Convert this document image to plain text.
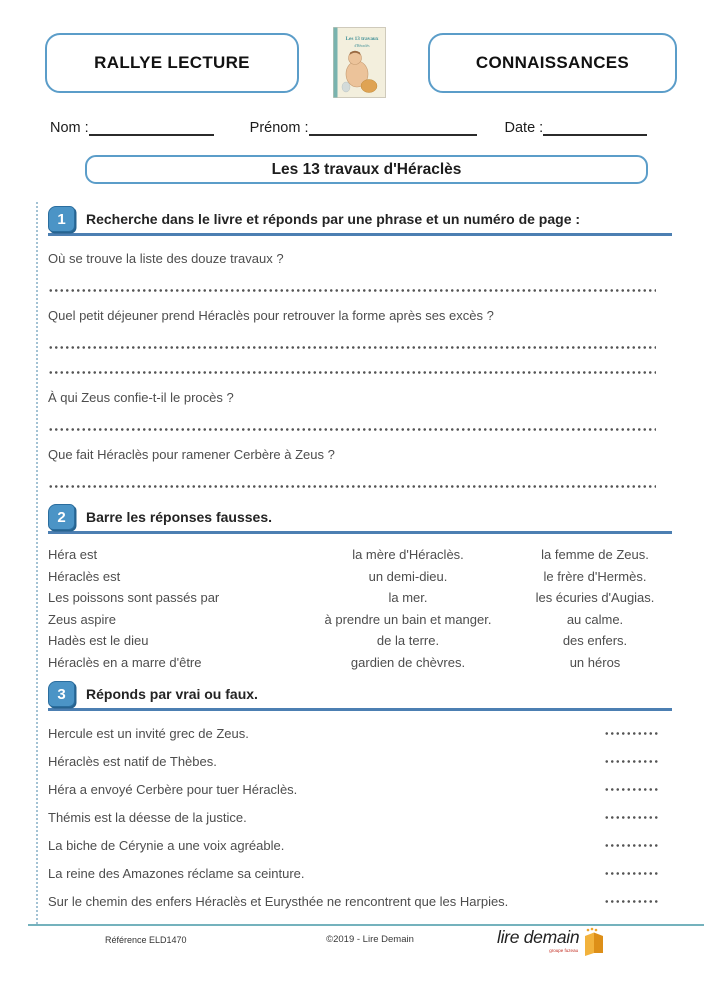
RALLYE LECTURE
Les 13 travaux
d'Héraclès
CONNAISSANCES
Nom :	Prénom :	Date :
Les 13 travaux d'Héraclès
1	Recherche dans le livre et réponds par une phrase et un numéro de page :
Où se trouve la liste des douze travaux ?
Quel petit déjeuner prend Héraclès pour retrouver la forme après ses excès ?
À qui Zeus confie-t-il le procès ?
Que fait Héraclès pour ramener Cerbère à Zeus ?
2	Barre les réponses fausses.
Héra est	la mère d'Héraclès.	la femme de Zeus.
Héraclès est	un demi-dieu.	le frère d'Hermès.
Les poissons sont passés par	la mer.	les écuries d'Augias.
Zeus aspire	à prendre un bain et manger.	au calme.
Hadès est le dieu	de la terre.	des enfers.
Héraclès en a marre d'être	gardien de chèvres.	un héros
3	Réponds par vrai ou faux.
Hercule est un invité grec de Zeus.
Héraclès est natif de Thèbes.
Héra a envoyé Cerbère pour tuer Héraclès.
Thémis est la déesse de la justice.
La biche de Cérynie a une voix agréable.
La reine des Amazones réclame sa ceinture.
Sur le chemin des enfers Héraclès et Eurysthée ne rencontrent que les Harpies.
Référence ELD1470	©2019 - Lire Demain	lire demain
groupe fuzeau
